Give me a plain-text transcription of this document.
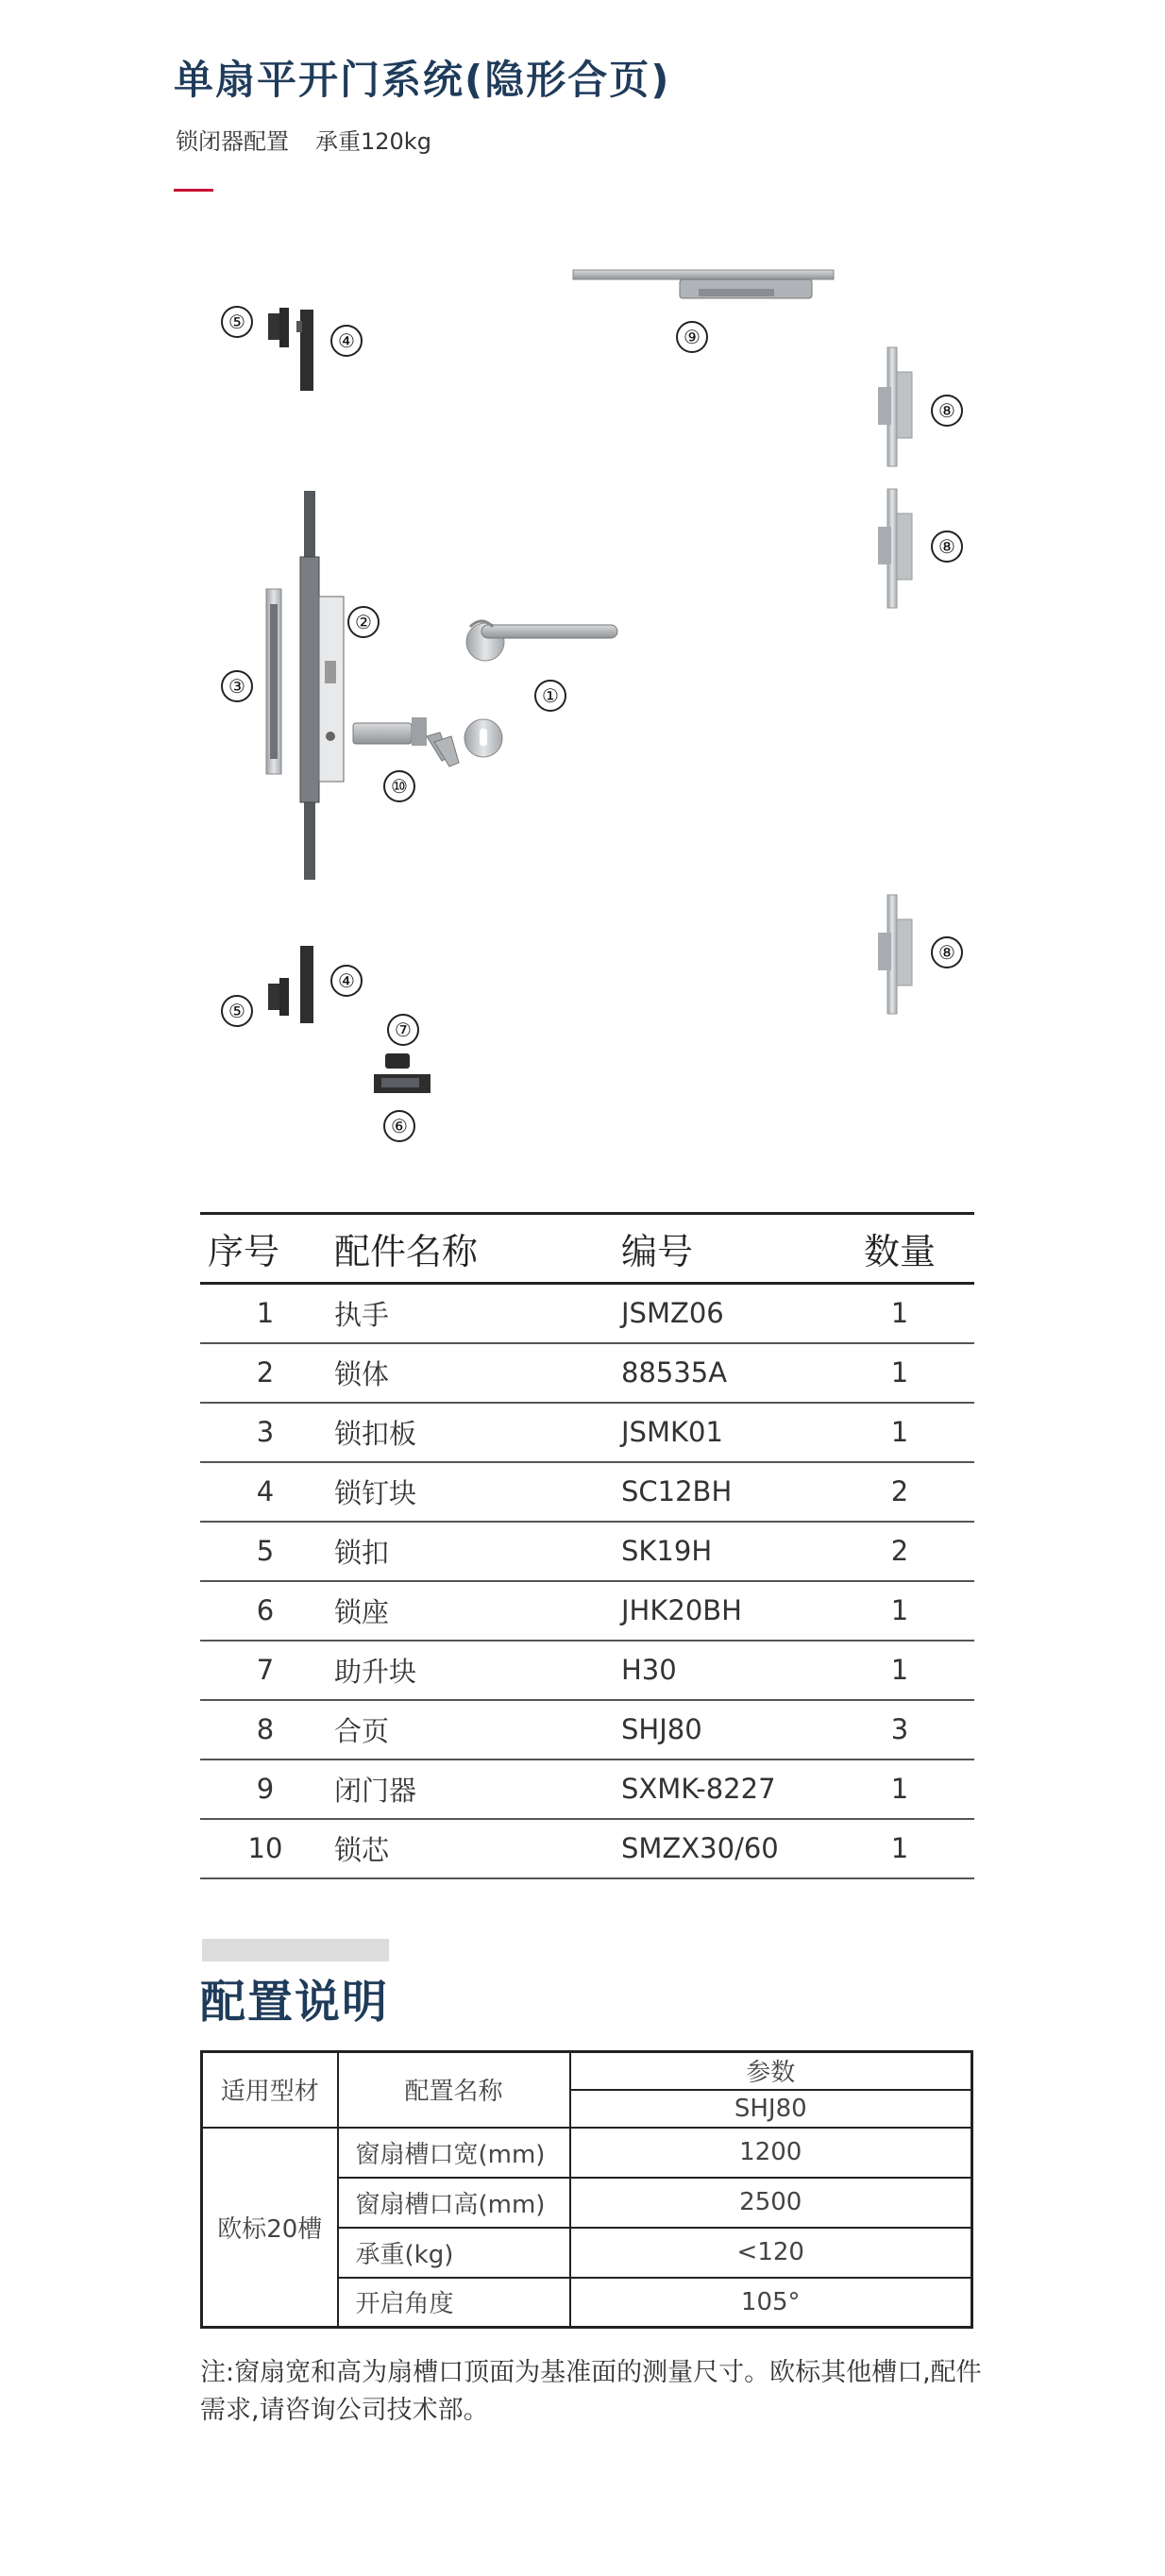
单扇平开门系统(隐形合页)
锁闭器配置 承重120kg
⑤
④	⑨
⑧
⑧
②
③	①
⑩
⑧
④
⑤
⑦
⑥
序号	配件名称	编号	数量
1	执手	JSMZ06	1
2	锁体	88535A	1
3	锁扣板	JSMK01	1
4	锁钉块	SC12BH	2
5	锁扣	SK19H	2
6	锁座	JHK20BH	1
7	助升块	H30	1
8	合页	SHJ80	3
9	闭门器	SXMK-8227	1
10	锁芯	SMZX30/60	1
配置说明
适用型材	配置名称	参数
		SHJ80
欧标20槽	窗扇槽口宽(mm)	1200
	窗扇槽口高(mm)	2500
	承重(kg)	<120
	开启角度	105°
注:窗扇宽和高为扇槽口顶面为基准面的测量尺寸。欧标其他槽口,配件需求,请咨询公司技术部。
